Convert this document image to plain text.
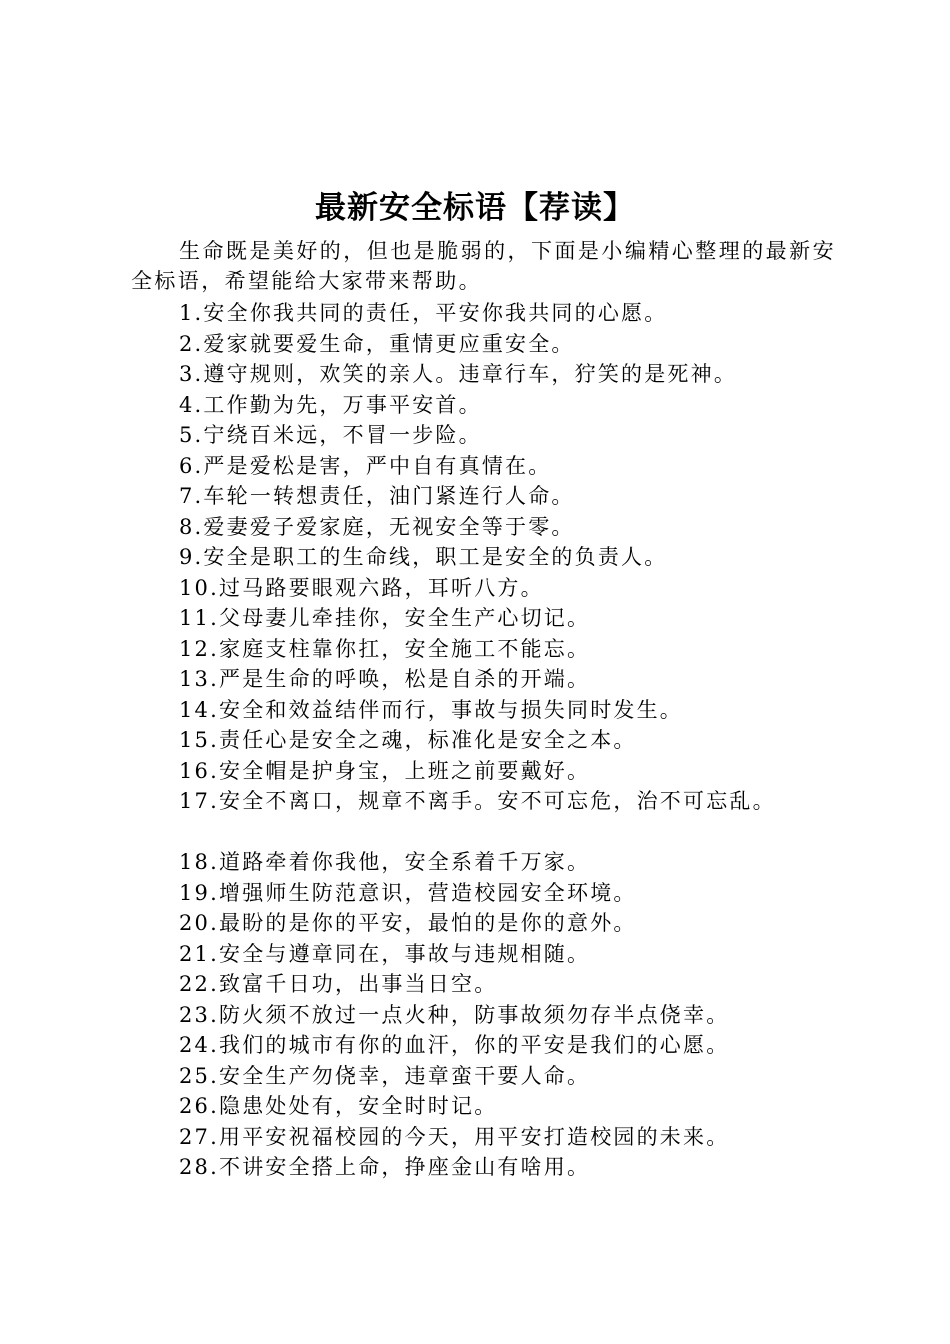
最新安全标语【荐读】
生命既是美好的，但也是脆弱的，下面是小编精心整理的最新安全标语，希望能给大家带来帮助。
1.安全你我共同的责任，平安你我共同的心愿。
2.爱家就要爱生命，重情更应重安全。
3.遵守规则，欢笑的亲人。违章行车，狞笑的是死神。
4.工作勤为先，万事平安首。
5.宁绕百米远，不冒一步险。
6.严是爱松是害，严中自有真情在。
7.车轮一转想责任，油门紧连行人命。
8.爱妻爱子爱家庭，无视安全等于零。
9.安全是职工的生命线，职工是安全的负责人。
10.过马路要眼观六路，耳听八方。
11.父母妻儿牵挂你，安全生产心切记。
12.家庭支柱靠你扛，安全施工不能忘。
13.严是生命的呼唤，松是自杀的开端。
14.安全和效益结伴而行，事故与损失同时发生。
15.责任心是安全之魂，标准化是安全之本。
16.安全帽是护身宝，上班之前要戴好。
17.安全不离口，规章不离手。安不可忘危，治不可忘乱。
18.道路牵着你我他，安全系着千万家。
19.增强师生防范意识，营造校园安全环境。
20.最盼的是你的平安，最怕的是你的意外。
21.安全与遵章同在，事故与违规相随。
22.致富千日功，出事当日空。
23.防火须不放过一点火种，防事故须勿存半点侥幸。
24.我们的城市有你的血汗，你的平安是我们的心愿。
25.安全生产勿侥幸，违章蛮干要人命。
26.隐患处处有，安全时时记。
27.用平安祝福校园的今天，用平安打造校园的未来。
28.不讲安全搭上命，挣座金山有啥用。
